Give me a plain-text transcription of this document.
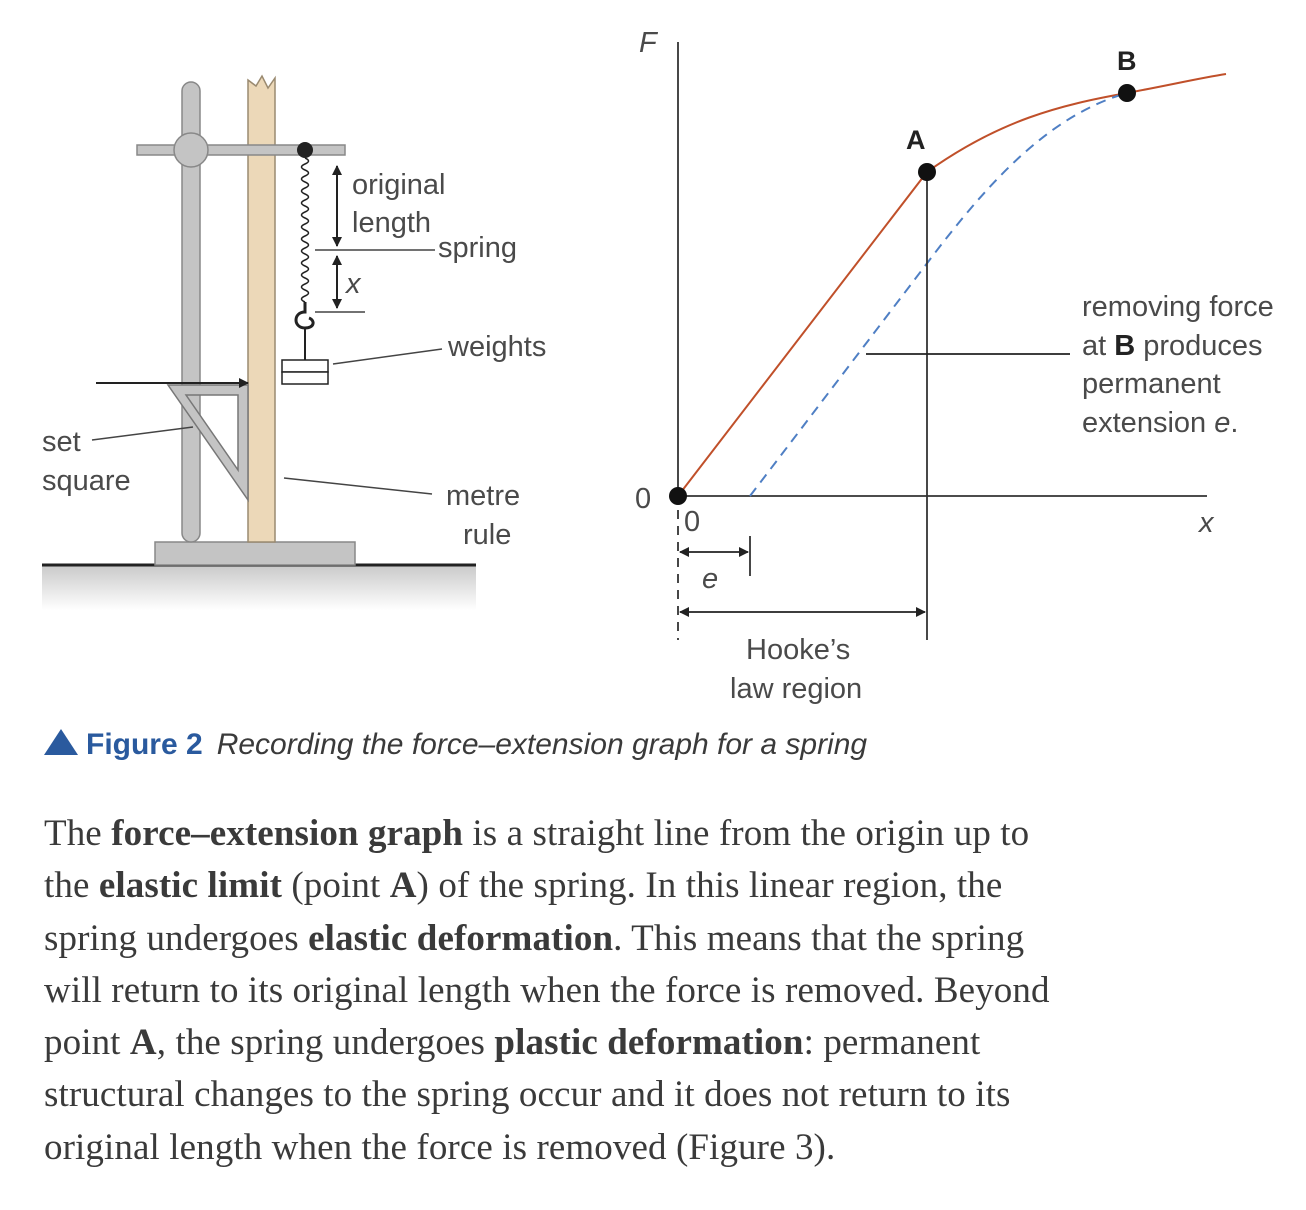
original
length
spring
x
weights
set
square	metre
rule
F
x
0
0
A
B
removing force
at B produces
permanent
extension e.
e
Hooke’s
law region
Figure 2 Recording the force–extension graph for a spring
The force–extension graph is a straight line from the origin up to
the elastic limit (point A) of the spring. In this linear region, the
spring undergoes elastic deformation. This means that the spring
will return to its original length when the force is removed. Beyond
point A, the spring undergoes plastic deformation: permanent
structural changes to the spring occur and it does not return to its
original length when the force is removed (Figure 3).
